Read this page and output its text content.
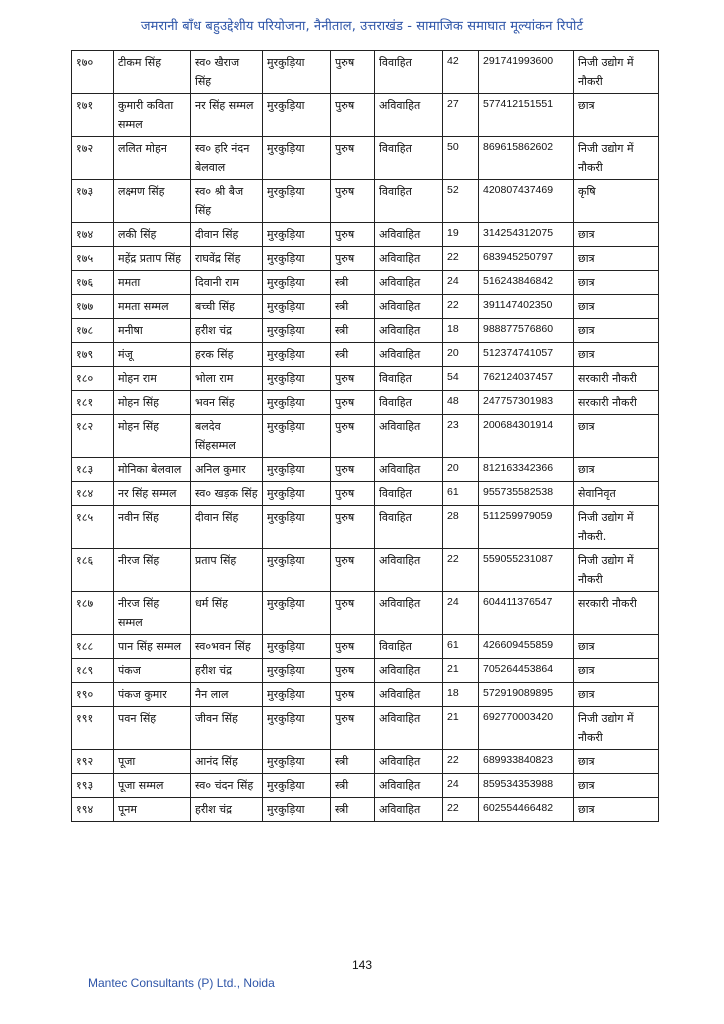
जमरानी बाँध बहुउद्देशीय परियोजना, नैनीताल, उत्तराखंड - सामाजिक समाघात मूल्यांकन रिपोर्ट
१७०	टीकम सिंह	स्व० खैराज सिंह	मुरकुड़िया	पुरुष	विवाहित	42	291741993600	निजी उद्योग में नौकरी
१७१	कुमारी कविता सम्मल	नर सिंह सम्मल	मुरकुड़िया	पुरुष	अविवाहित	27	577412151551	छात्र
१७२	ललित मोहन	स्व० हरि नंदन बेलवाल	मुरकुड़िया	पुरुष	विवाहित	50	869615862602	निजी उद्योग में नौकरी
१७३	लक्ष्मण सिंह	स्व० श्री बैज सिंह	मुरकुड़िया	पुरुष	विवाहित	52	420807437469	कृषि
१७४	लकी सिंह	दीवान सिंह	मुरकुड़िया	पुरुष	अविवाहित	19	314254312075	छात्र
१७५	महेंद्र प्रताप सिंह	राघवेंद्र सिंह	मुरकुड़िया	पुरुष	अविवाहित	22	683945250797	छात्र
१७६	ममता	दिवानी राम	मुरकुड़िया	स्त्री	अविवाहित	24	516243846842	छात्र
१७७	ममता सम्मल	बच्ची सिंह	मुरकुड़िया	स्त्री	अविवाहित	22	391147402350	छात्र
१७८	मनीषा	हरीश चंद्र	मुरकुड़िया	स्त्री	अविवाहित	18	988877576860	छात्र
१७९	मंजू	हरक सिंह	मुरकुड़िया	स्त्री	अविवाहित	20	512374741057	छात्र
१८०	मोहन राम	भोला राम	मुरकुड़िया	पुरुष	विवाहित	54	762124037457	सरकारी नौकरी
१८१	मोहन सिंह	भवन सिंह	मुरकुड़िया	पुरुष	विवाहित	48	247757301983	सरकारी नौकरी
१८२	मोहन सिंह	बलदेव सिंहसम्मल	मुरकुड़िया	पुरुष	अविवाहित	23	200684301914	छात्र
१८३	मोनिका बेलवाल	अनिल कुमार	मुरकुड़िया	पुरुष	अविवाहित	20	812163342366	छात्र
१८४	नर सिंह सम्मल	स्व० खड़क सिंह	मुरकुड़िया	पुरुष	विवाहित	61	955735582538	सेवानिवृत
१८५	नवीन सिंह	दीवान सिंह	मुरकुड़िया	पुरुष	विवाहित	28	511259979059	निजी उद्योग में नौकरी.
१८६	नीरज सिंह	प्रताप सिंह	मुरकुड़िया	पुरुष	अविवाहित	22	559055231087	निजी उद्योग में नौकरी
१८७	नीरज सिंह सम्मल	धर्म सिंह	मुरकुड़िया	पुरुष	अविवाहित	24	604411376547	सरकारी नौकरी
१८८	पान सिंह सम्मल	स्व०भवन सिंह	मुरकुड़िया	पुरुष	विवाहित	61	426609455859	छात्र
१८९	पंकज	हरीश चंद्र	मुरकुड़िया	पुरुष	अविवाहित	21	705264453864	छात्र
१९०	पंकज कुमार	नैन लाल	मुरकुड़िया	पुरुष	अविवाहित	18	572919089895	छात्र
१९१	पवन सिंह	जीवन सिंह	मुरकुड़िया	पुरुष	अविवाहित	21	692770003420	निजी उद्योग में नौकरी
१९२	पूजा	आनंद सिंह	मुरकुड़िया	स्त्री	अविवाहित	22	689933840823	छात्र
१९३	पूजा सम्मल	स्व० चंदन सिंह	मुरकुड़िया	स्त्री	अविवाहित	24	859534353988	छात्र
१९४	पूनम	हरीश चंद्र	मुरकुड़िया	स्त्री	अविवाहित	22	602554466482	छात्र
143
Mantec Consultants (P) Ltd., Noida
